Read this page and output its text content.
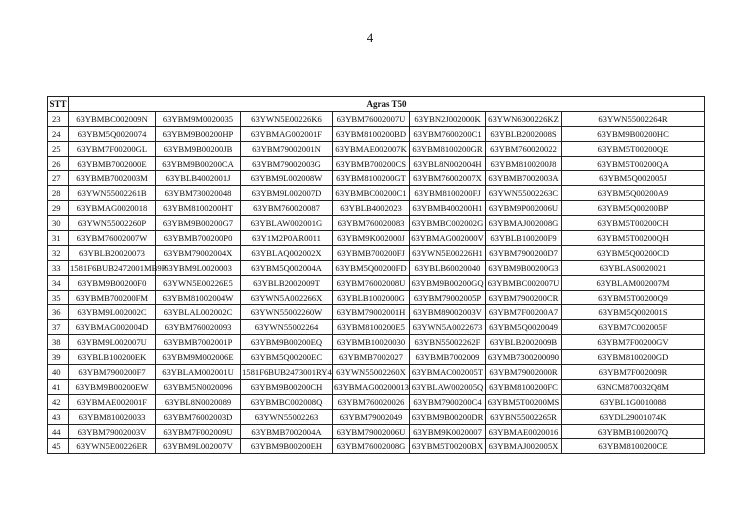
4
STT	Agras T50						
23	63YBMBC002009N	63YBM9M0020035	63YWN5E00226K6	63YBM76002007U	63YBN2J002000K	63YWN6300226KZ	63YWN55002264R
24	63YBM5Q0020074	63YBM9B00200HP	63YBMAG002001F	63YBM8100200BD	63YBM7600200C1	63YBLB2002008S	63YBM9B00200HC
25	63YBM7F00200GL	63YBM9B00200JB	63YBM79002001N	63YBMAE002007K	63YBM8100200GR	63YBM760020022	63YBM5T00200QE
26	63YBMB7002000E	63YBM9B00200CA	63YBM79002003G	63YBMB700200CS	63YBL8N002004H	63YBM8100200J8	63YBM5T00200QA
27	63YBMB7002003M	63YBLB4002001J	63YBM9L002008W	63YBM8100200GT	63YBM76002007X	63YBMB7002003A	63YBM5Q002005J
28	63YWN55002261B	63YBM730020048	63YBM9L002007D	63YBMBC00200C1	63YBM8100200FJ	63YWN55002263C	63YBM5Q00200A9
29	63YBMAG0020018	63YBM8100200HT	63YBM760020087	63YBLB4002023	63YBMB400200H1	63YBM9P002006U	63YBM5Q00200BP
30	63YWN55002260P	63YBM9B00200G7	63YBLAW002001G	63YBM760020083	63YBMBC002002G	63YBMAJ002008G	63YBM5T00200CH
31	63YBM76002007W	63YBMB700200P0	63Y1M2P0AR0011	63YBM9K002000J	63YBMAG002000V	63YBLB100200F9	63YBM5T00200QH
32	63YBLB20020073	63YBM79002004X	63YBLAQ002002X	63YBMB700200FJ	63YWN5E00226H1	63YBM7900200D7	63YBM5Q00200CD
33	1581F6BUB2472001MB9P	63YBM9L0020003	63YBM5Q002004A	63YBM5Q00200FD	63YBLB60020040	63YBM9B00200G3	63YBLAS0020021
34	63YBM9B00200F0	63YWN5E00226E5	63YBLB2002009T	63YBM76002008U	63YBM9B00200GQ	63YBMBC002007U	63YBLAM002007M
35	63YBMB700200FM	63YBM81002004W	63YWN5A002266X	63YBLB1002000G	63YBM79002005P	63YBM7900200CR	63YBM5T00200Q9
36	63YBM9L002002C	63YBLAL002002C	63YWN55002260W	63YBM79002001H	63YBM89002003V	63YBM7F00200A7	63YBM5Q002001S
37	63YBMAG002004D	63YBM760020093	63YWN55002264	63YBM8100200E5	63YWN5A0022673	63YBM5Q0020049	63YBM7C002005F
38	63YBM9L002007U	63YBMB7002001P	63YBM9B00200EQ	63YBMB10020030	63YBN55002262F	63YBLB2002009B	63YBM7F00200GV
39	63YBLB100200EK	63YBM9M002006E	63YBM5Q00200EC	63YBMB7002027	63YBMB7002009	63YMB7300200090	63YBM8100200GD
40	63YBM7900200F7	63YBLAM002001U	1581F6BUB2473001RY4	63YWN55002260X	63YBMAC002005T	63YBM79002000R	63YBM7F002009R
41	63YBM9B00200EW	63YBM5N0020096	63YBM9B00200CH	63YBMAG00200013	63YBLAW002005Q	63YBM8100200FC	63NCM870032Q8M
42	63YBMAE002001F	63YBL8N0020089	63YBMBC002008Q	63YBM760020026	63YBM7900200C4	63YBM5T00200MS	63YBL1G0010088
43	63YBM810020033	63YBM76002003D	63YWN55002263	63YBM79002049	63YBM9B00200DR	63YBN55002265R	63YDL29001074K
44	63YBM79002003V	63YBM7F002009U	63YBMB7002004A	63YBM79002006U	63YBM9K0020007	63YBMAE0020016	63YBMB1002007Q
45	63YWN5E00226ER	63YBM9L002007V	63YBM9B00200EH	63YBM76002008G	63YBM5T00200BX	63YBMAJ002005X	63YBM8100200CE
